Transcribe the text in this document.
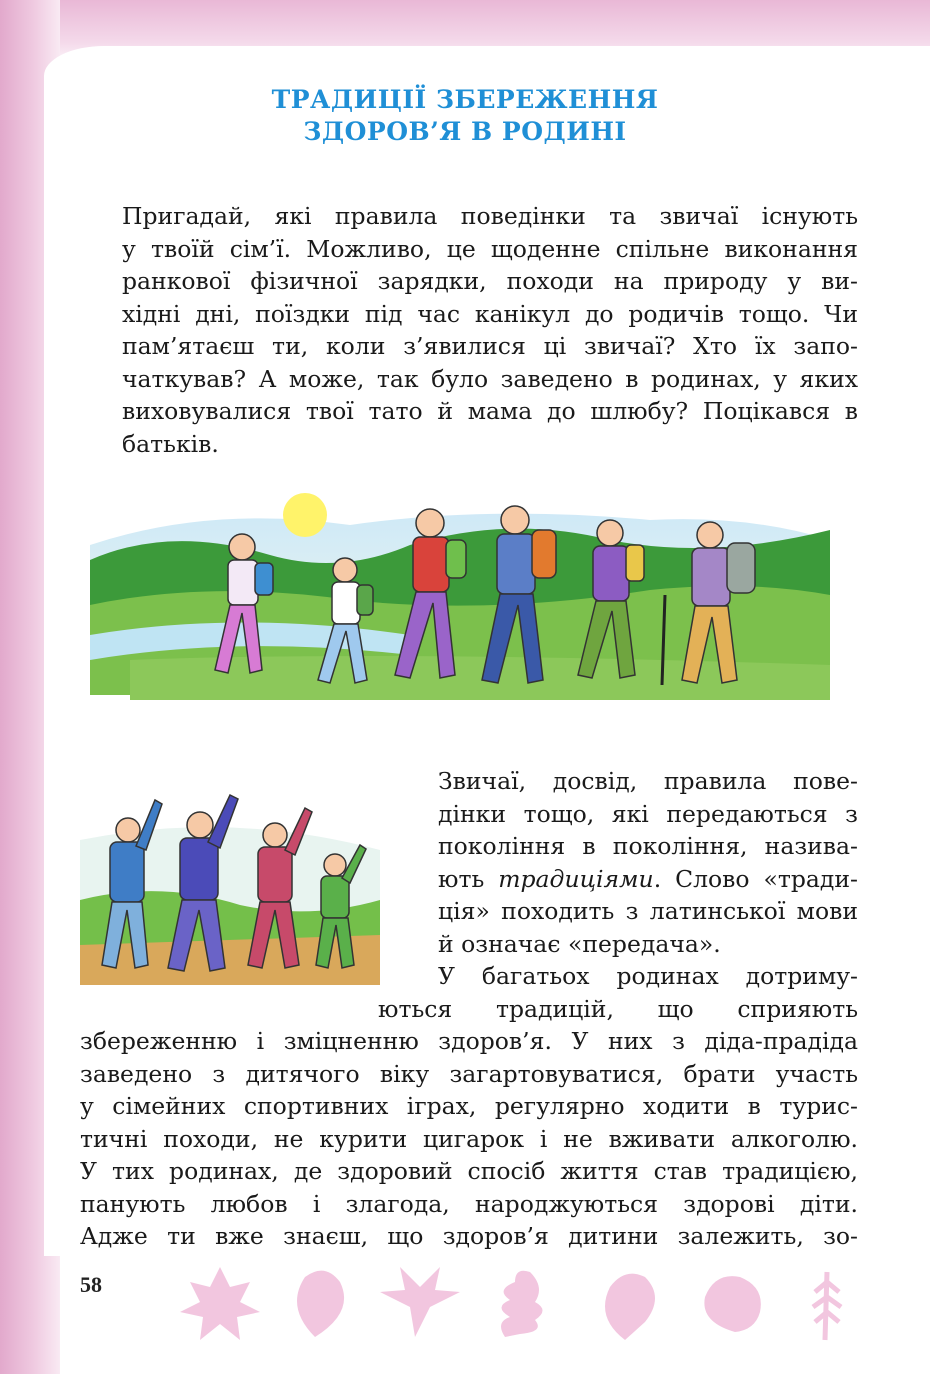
ТРАДИЦІЇ ЗБЕРЕЖЕННЯ
ЗДОРОВ’Я В РОДИНІ
Пригадай, які правила поведінки та звичаї існують
у твоїй сім’ї. Можливо, це щоденне спільне виконання
ранкової фізичної зарядки, походи на природу у ви-
хідні дні, поїздки під час канікул до родичів тощо. Чи
пам’ятаєш ти, коли з’явилися ці звичаї? Хто їх запо-
чаткував? А може, так було заведено в родинах, у яких
виховувалися твої тато й мама до шлюбу? Поцікався в
батьків.
Звичаї, досвід, правила пове-
дінки тощо, які передаються з
покоління в покоління, назива-
ють традиціями. Слово «тради-
ція» походить з латинської мови
й означає «передача».
У багатьох родинах дотриму-
ються традицій, що сприяють
збереженню і зміцненню здоров’я. У них з діда-прадіда
заведено з дитячого віку загартовуватися, брати участь
у сімейних спортивних іграх, регулярно ходити в турис-
тичні походи, не курити цигарок і не вживати алкоголю.
У тих родинах, де здоровий спосіб життя став традицією,
панують любов і злагода, народжуються здорові діти.
Адже ти вже знаєш, що здоров’я дитини залежить, зо-
58
